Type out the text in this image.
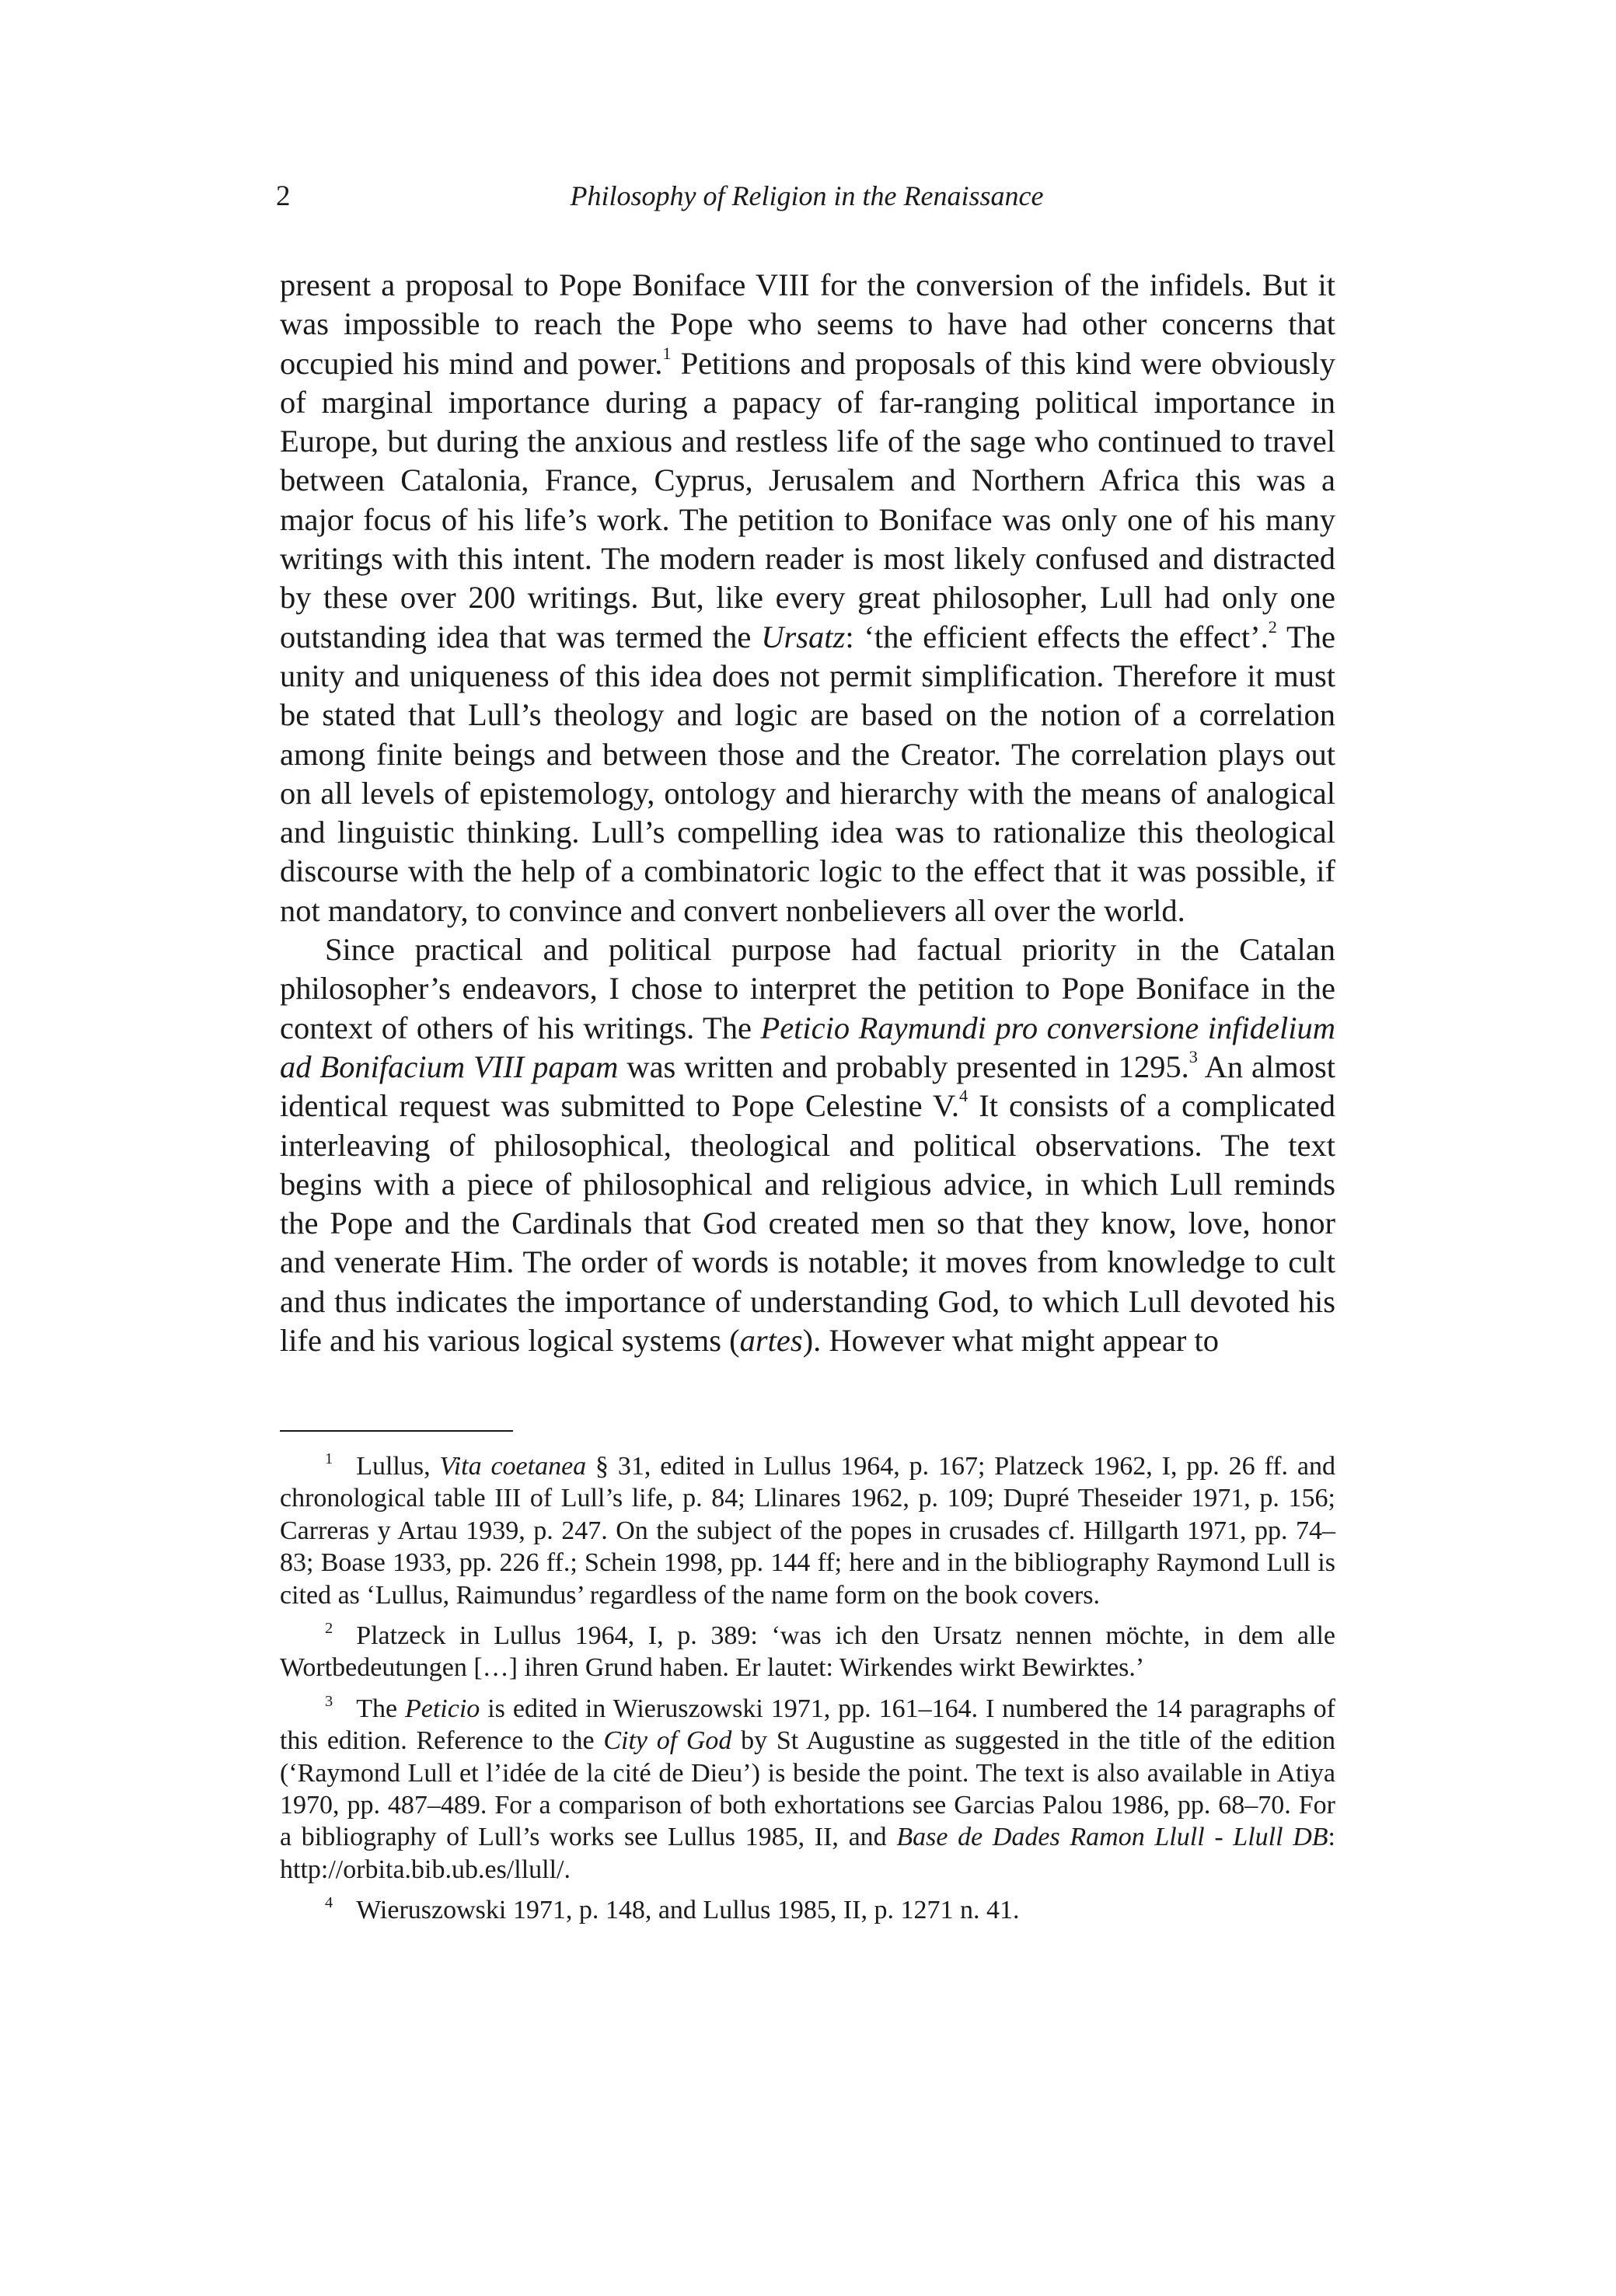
2	Philosophy of Religion in the Renaissance

present a proposal to Pope Boniface VIII for the conversion of the infidels. But it was impossible to reach the Pope who seems to have had other concerns that occupied his mind and power.$^1$ Petitions and proposals of this kind were obviously of marginal importance during a papacy of far-ranging political importance in Europe, but during the anxious and restless life of the sage who continued to travel between Catalonia, France, Cyprus, Jerusalem and Northern Africa this was a major focus of his life’s work. The petition to Boniface was only one of his many writings with this intent. The modern reader is most likely confused and distracted by these over 200 writings. But, like every great philosopher, Lull had only one outstanding idea that was termed the Ursatz: ‘the efficient effects the effect’.$^2$ The unity and uniqueness of this idea does not permit simplification. Therefore it must be stated that Lull’s theology and logic are based on the notion of a correlation among finite beings and between those and the Creator. The correlation plays out on all levels of epistemology, ontology and hierarchy with the means of analogical and linguistic thinking. Lull’s compelling idea was to rationalize this theological discourse with the help of a combinatoric logic to the effect that it was possible, if not mandatory, to convince and convert nonbelievers all over the world.

Since practical and political purpose had factual priority in the Catalan philosopher’s endeavors, I chose to interpret the petition to Pope Boniface in the context of others of his writings. The Peticio Raymundi pro conversione infidelium ad Bonifacium VIII papam was written and probably presented in 1295.$^3$ An almost identical request was submitted to Pope Celestine V.$^4$ It consists of a complicated interleaving of philosophical, theological and political observations. The text begins with a piece of philosophical and religious advice, in which Lull reminds the Pope and the Cardinals that God created men so that they know, love, honor and venerate Him. The order of words is notable; it moves from knowledge to cult and thus indicates the importance of understanding God, to which Lull devoted his life and his various logical systems (artes). However what might appear to

1 Lullus, Vita coetanea § 31, edited in Lullus 1964, p. 167; Platzeck 1962, I, pp. 26 ff. and chronological table III of Lull’s life, p. 84; Llinares 1962, p. 109; Dupré Theseider 1971, p. 156; Carreras y Artau 1939, p. 247. On the subject of the popes in crusades cf. Hillgarth 1971, pp. 74–83; Boase 1933, pp. 226 ff.; Schein 1998, pp. 144 ff; here and in the bibliography Raymond Lull is cited as ‘Lullus, Raimundus’ regardless of the name form on the book covers.

2 Platzeck in Lullus 1964, I, p. 389: ‘was ich den Ursatz nennen möchte, in dem alle Wortbedeutungen […] ihren Grund haben. Er lautet: Wirkendes wirkt Bewirktes.’

3 The Peticio is edited in Wieruszowski 1971, pp. 161–164. I numbered the 14 paragraphs of this edition. Reference to the City of God by St Augustine as suggested in the title of the edition (‘Raymond Lull et l’idée de la cité de Dieu’) is beside the point. The text is also available in Atiya 1970, pp. 487–489. For a comparison of both exhortations see Garcias Palou 1986, pp. 68–70. For a bibliography of Lull’s works see Lullus 1985, II, and Base de Dades Ramon Llull - Llull DB: http://orbita.bib.ub.es/llull/.

4 Wieruszowski 1971, p. 148, and Lullus 1985, II, p. 1271 n. 41.
